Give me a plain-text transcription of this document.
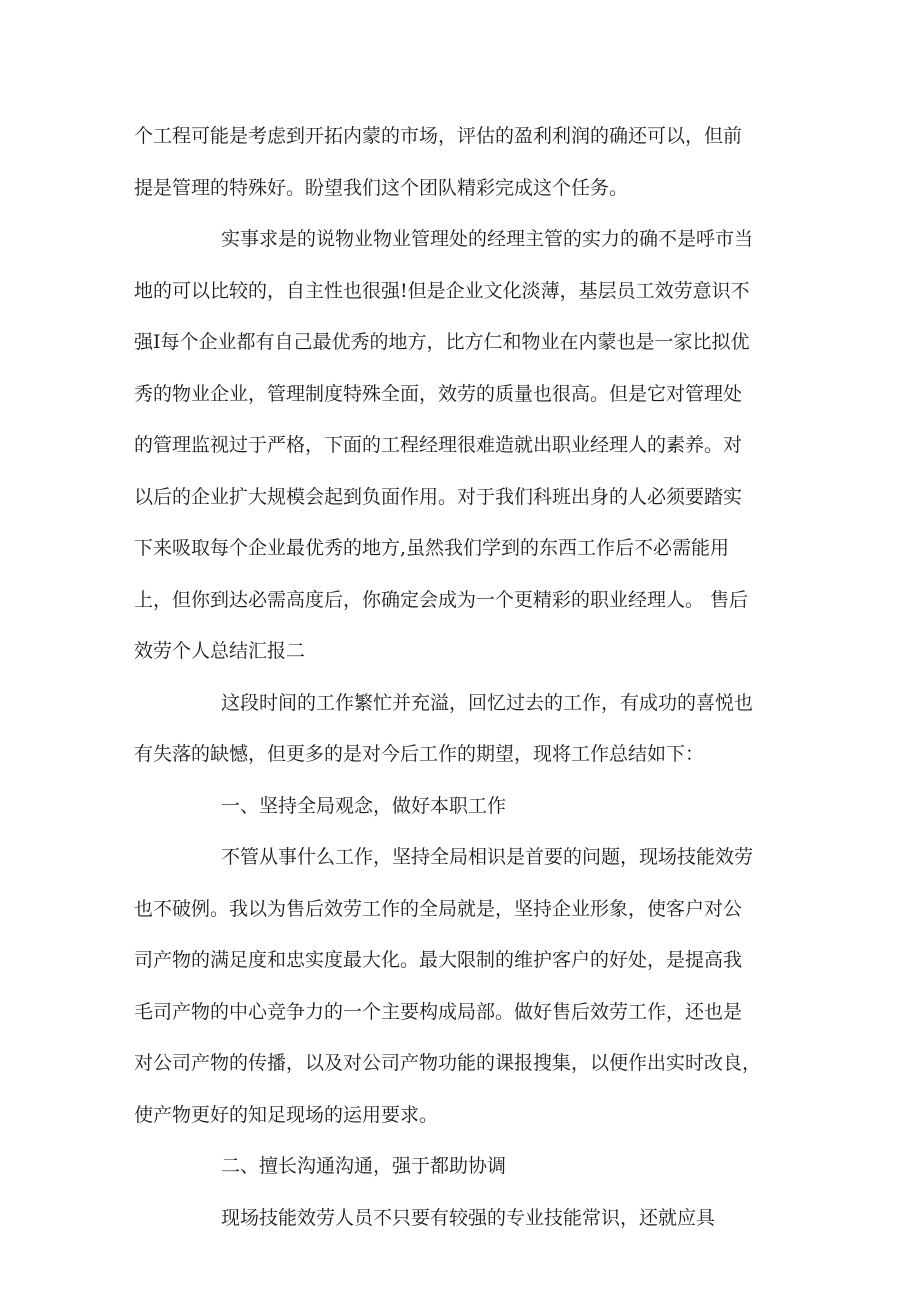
个工程可能是考虑到开拓内蒙的市场，评估的盈利利润的确还可以，但前

提是管理的特殊好。盼望我们这个团队精彩完成这个任务。

实事求是的说物业物业管理处的经理主管的实力的确不是呼市当

地的可以比较的，自主性也很强!但是企业文化淡薄，基层员工效劳意识不

强I每个企业都有自己最优秀的地方，比方仁和物业在内蒙也是一家比拟优

秀的物业企业，管理制度特殊全面，效劳的质量也很高。但是它对管理处

的管理监视过于严格，下面的工程经理很难造就出职业经理人的素养。对

以后的企业扩大规模会起到负面作用。对于我们科班出身的人必须要踏实

下来吸取每个企业最优秀的地方,虽然我们学到的东西工作后不必需能用

上，但你到达必需高度后，你确定会成为一个更精彩的职业经理人。 售后

效劳个人总结汇报二

这段时间的工作繁忙并充溢，回忆过去的工作，有成功的喜悦也

有失落的缺憾，但更多的是对今后工作的期望，现将工作总结如下：

一、坚持全局观念，做好本职工作

不管从事什么工作，坚持全局相识是首要的问题，现场技能效劳

也不破例。我以为售后效劳工作的全局就是，坚持企业形象，使客户对公

司产物的满足度和忠实度最大化。最大限制的维护客户的好处，是提高我

毛司产物的中心竞争力的一个主要构成局部。做好售后效劳工作，还也是

对公司产物的传播，以及对公司产物功能的课报搜集，以便作出实时改良，

使产物更好的知足现场的运用要求。

二、擅长沟通沟通，强于都助协调

现场技能效劳人员不只要有较强的专业技能常识，还就应具
